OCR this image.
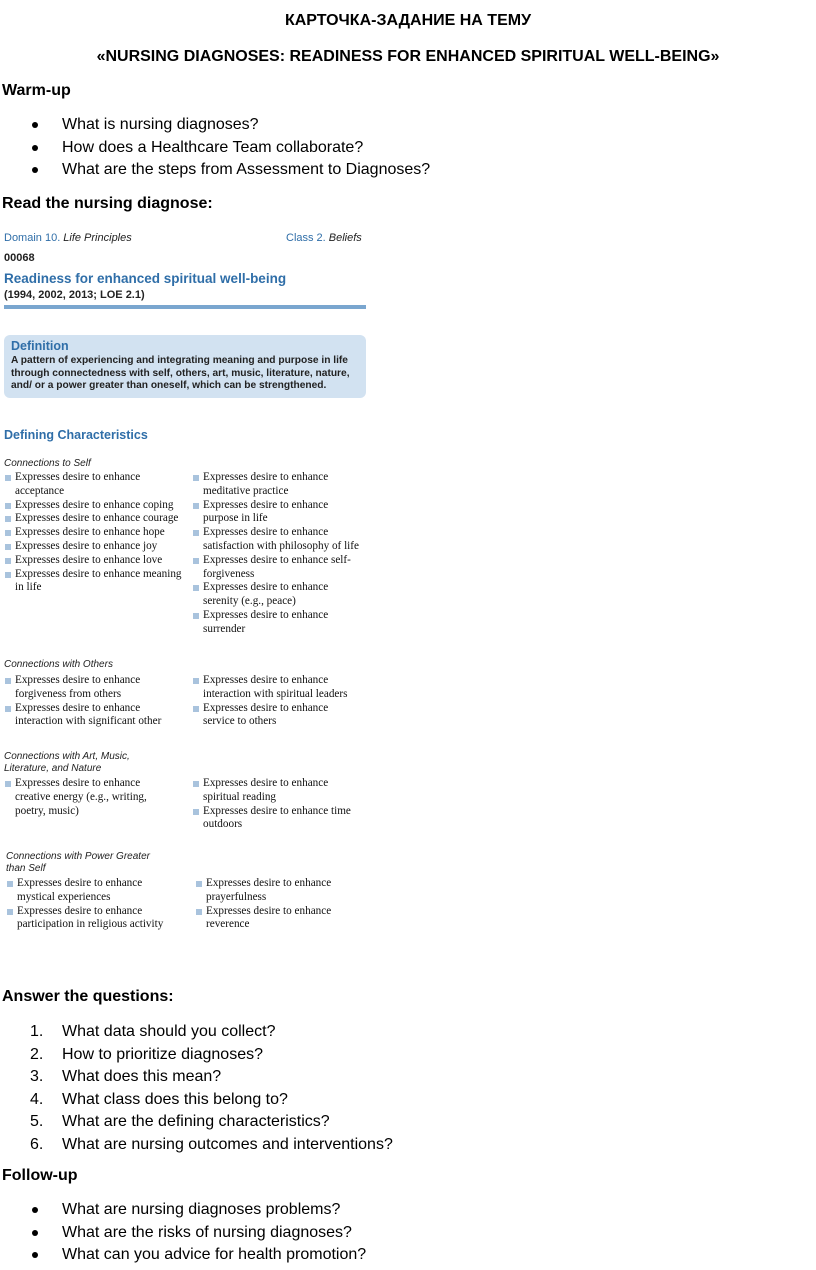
КАРТОЧКА-ЗАДАНИЕ НА ТЕМУ
«NURSING DIAGNOSES: READINESS FOR ENHANCED SPIRITUAL WELL-BEING»
Warm-up
What is nursing diagnoses?
How does a Healthcare Team collaborate?
What are the steps from Assessment to Diagnoses?
Read the nursing diagnose:
Domain 10. Life Principles	Class 2. Beliefs
00068
Readiness for enhanced spiritual well-being
(1994, 2002, 2013; LOE 2.1)
Definition
A pattern of experiencing and integrating meaning and purpose in life through connectedness with self, others, art, music, literature, nature, and/ or a power greater than oneself, which can be strengthened.
Defining Characteristics
Connections to Self
Expresses desire to enhance acceptance
Expresses desire to enhance coping
Expresses desire to enhance courage
Expresses desire to enhance hope
Expresses desire to enhance joy
Expresses desire to enhance love
Expresses desire to enhance meaning in life
Expresses desire to enhance meditative practice
Expresses desire to enhance purpose in life
Expresses desire to enhance satisfaction with philosophy of life
Expresses desire to enhance self-forgiveness
Expresses desire to enhance serenity (e.g., peace)
Expresses desire to enhance surrender
Connections with Others
Expresses desire to enhance forgiveness from others
Expresses desire to enhance interaction with significant other
Expresses desire to enhance interaction with spiritual leaders
Expresses desire to enhance service to others
Connections with Art, Music, Literature, and Nature
Expresses desire to enhance creative energy (e.g., writing, poetry, music)
Expresses desire to enhance spiritual reading
Expresses desire to enhance time outdoors
Connections with Power Greater than Self
Expresses desire to enhance mystical experiences
Expresses desire to enhance participation in religious activity
Expresses desire to enhance prayerfulness
Expresses desire to enhance reverence
Answer the questions:
1.	What data should you collect?
2.	How to prioritize diagnoses?
3.	What does this mean?
4.	What class does this belong to?
5.	What are the defining characteristics?
6.	What are nursing outcomes and interventions?
Follow-up
What are nursing diagnoses problems?
What are the risks of nursing diagnoses?
What can you advice for health promotion?
